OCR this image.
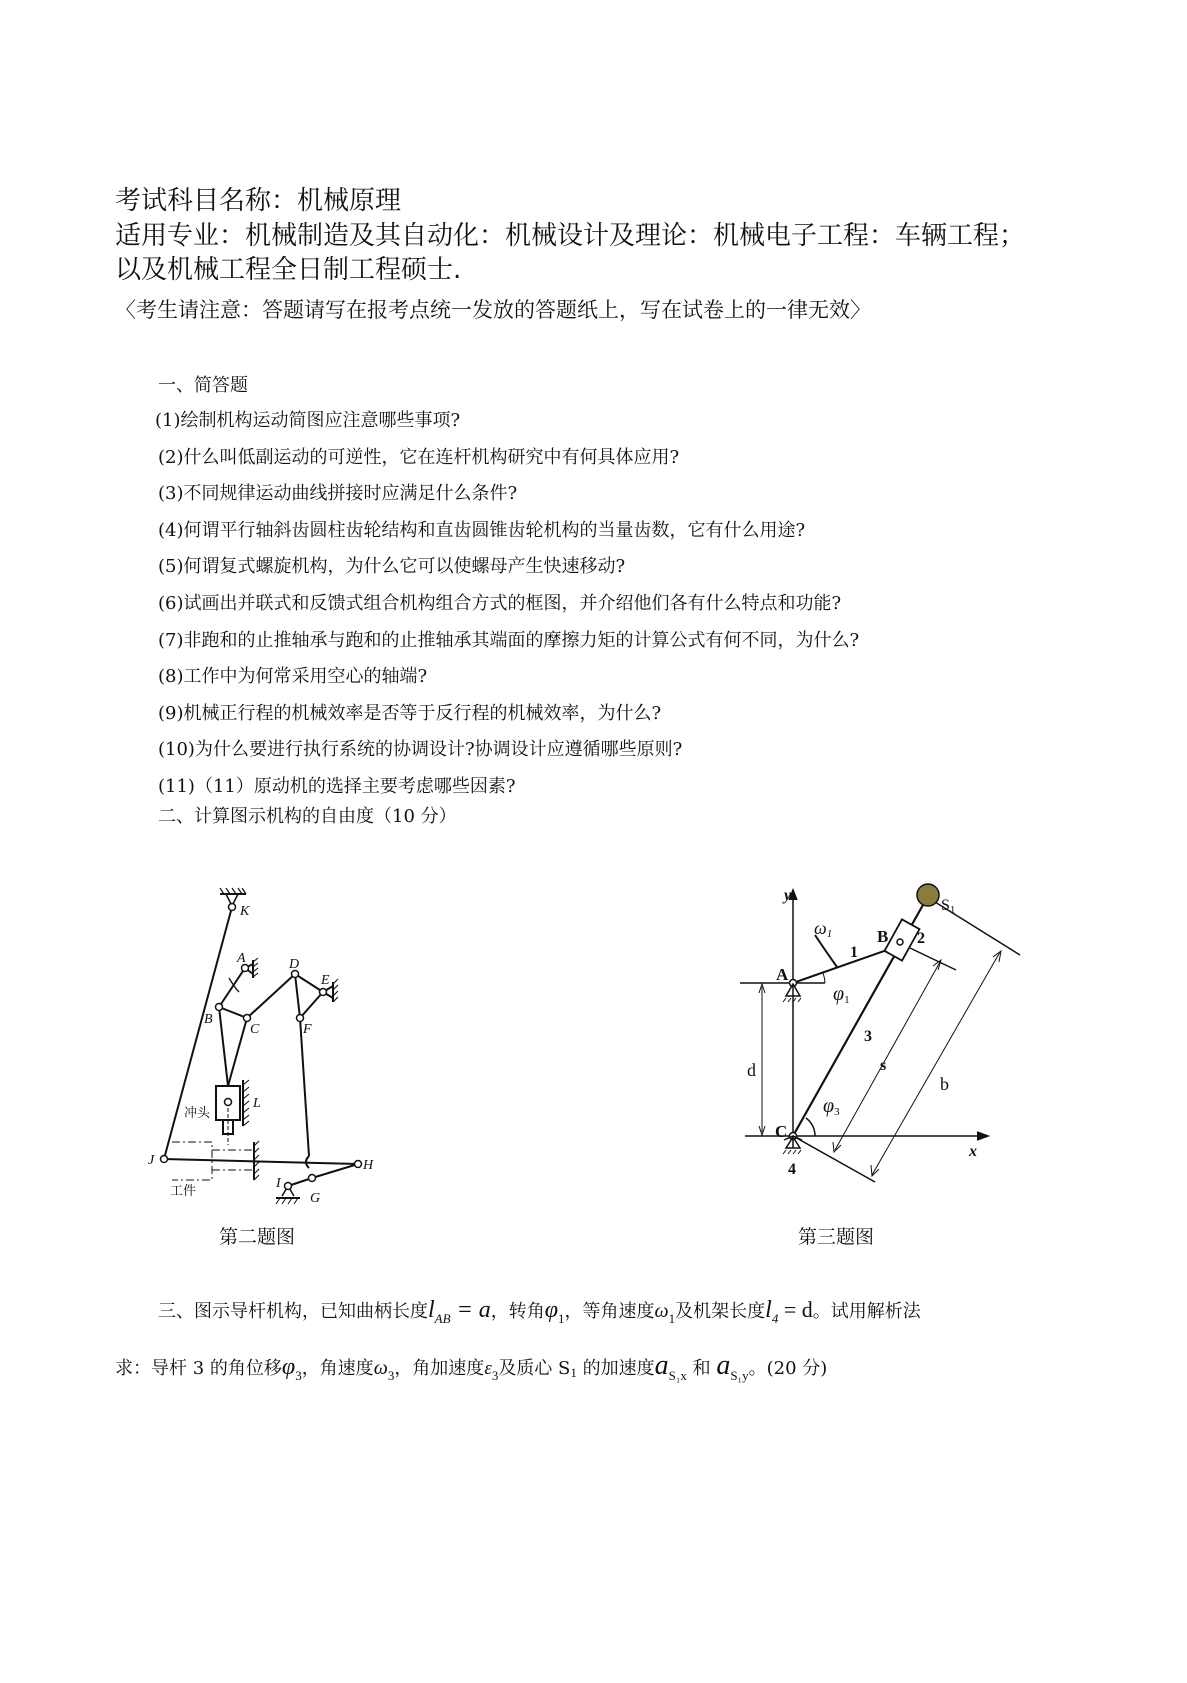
考试科目名称：机械原理
适用专业：机械制造及其自动化：机械设计及理论：机械电子工程：车辆工程；
以及机械工程全日制工程硕士.
〈考生请注意：答题请写在报考点统一发放的答题纸上，写在试卷上的一律无效〉
一、简答题
(1)绘制机构运动简图应注意哪些事项?
(2)什么叫低副运动的可逆性，它在连杆机构研究中有何具体应用?
(3)不同规律运动曲线拼接时应满足什么条件?
(4)何谓平行轴斜齿圆柱齿轮结构和直齿圆锥齿轮机构的当量齿数，它有什么用途?
(5)何谓复式螺旋机构，为什么它可以使螺母产生快速移动?
(6)试画出并联式和反馈式组合机构组合方式的框图，并介绍他们各有什么特点和功能?
(7)非跑和的止推轴承与跑和的止推轴承其端面的摩擦力矩的计算公式有何不同，为什么?
(8)工作中为何常采用空心的轴端?
(9)机械正行程的机械效率是否等于反行程的机械效率，为什么?
(10)为什么要进行执行系统的协调设计?协调设计应遵循哪些原则?
(11)（11）原动机的选择主要考虑哪些因素?
二、计算图示机构的自由度（10 分）
K
A
B
C
D
E
F
L
J	H
I
G
冲头
工件
第二题图
y
x
A
B
C
1
2
3
4
s
b
d
ω1
φ1
φ3
S1
第三题图
三、图示导杆机构，已知曲柄长度$l_{AB} = a$，转角$\varphi_1$，等角速度$\omega_1$及机架长度$l_4 = d$。试用解析法
求：导杆 3 的角位移$\varphi_3$，角速度$\omega_3$，角加速度$\varepsilon_3$及质心 $S_1$ 的加速度$a_{S_1x}$ 和 $a_{S_1y}$。(20 分)
